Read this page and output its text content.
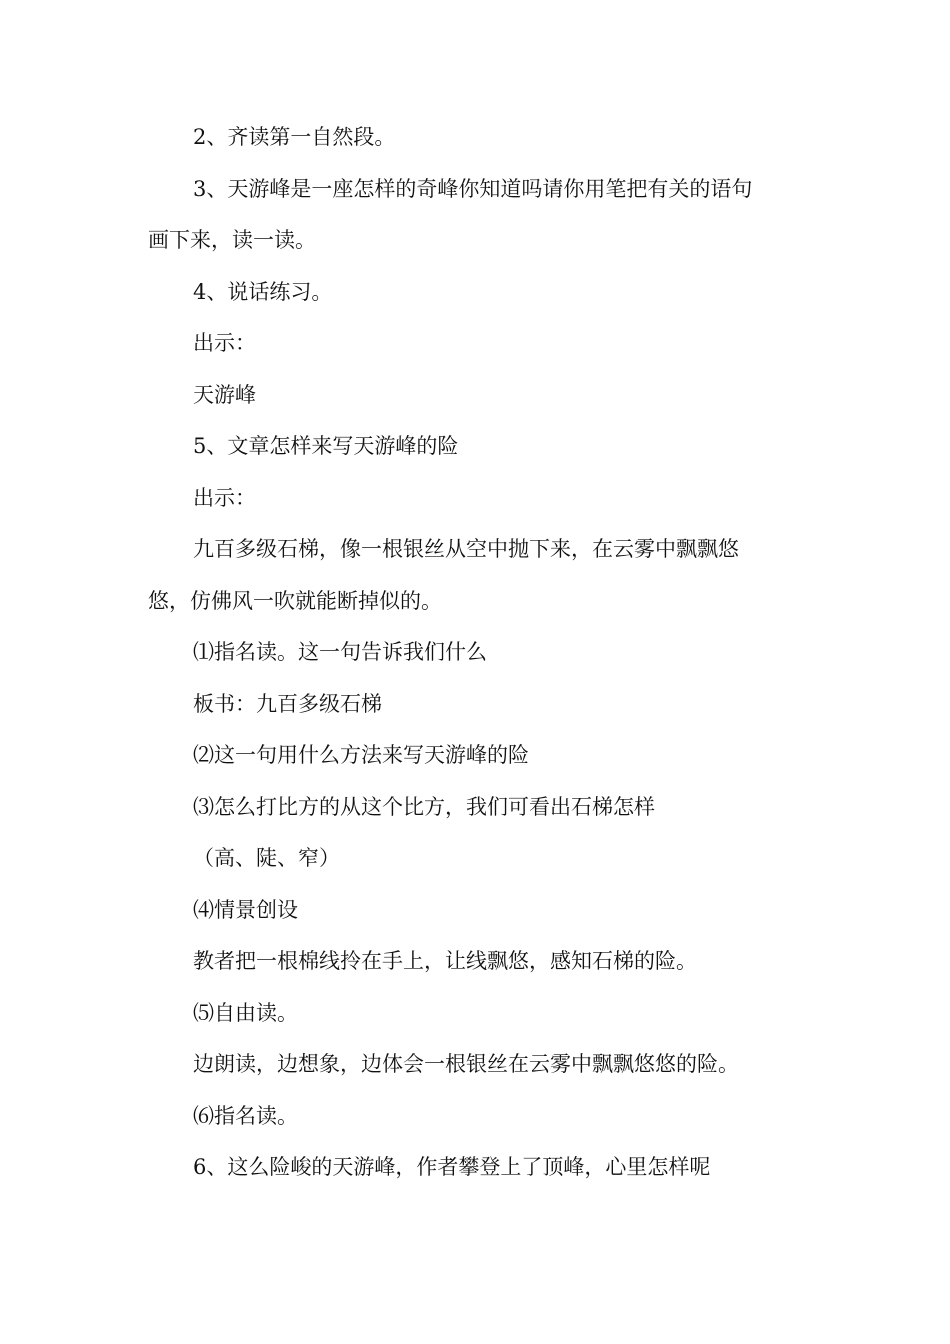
2、齐读第一自然段。

3、天游峰是一座怎样的奇峰你知道吗请你用笔把有关的语句

画下来，读一读。

4、说话练习。

出示：

天游峰

5、文章怎样来写天游峰的险

出示：

九百多级石梯，像一根银丝从空中抛下来，在云雾中飘飘悠

悠，仿佛风一吹就能断掉似的。

⑴指名读。这一句告诉我们什么

板书：九百多级石梯

⑵这一句用什么方法来写天游峰的险

⑶怎么打比方的从这个比方，我们可看出石梯怎样

（高、陡、窄）

⑷情景创设

教者把一根棉线拎在手上，让线飘悠，感知石梯的险。

⑸自由读。

边朗读，边想象，边体会一根银丝在云雾中飘飘悠悠的险。

⑹指名读。

6、这么险峻的天游峰，作者攀登上了顶峰，心里怎样呢
